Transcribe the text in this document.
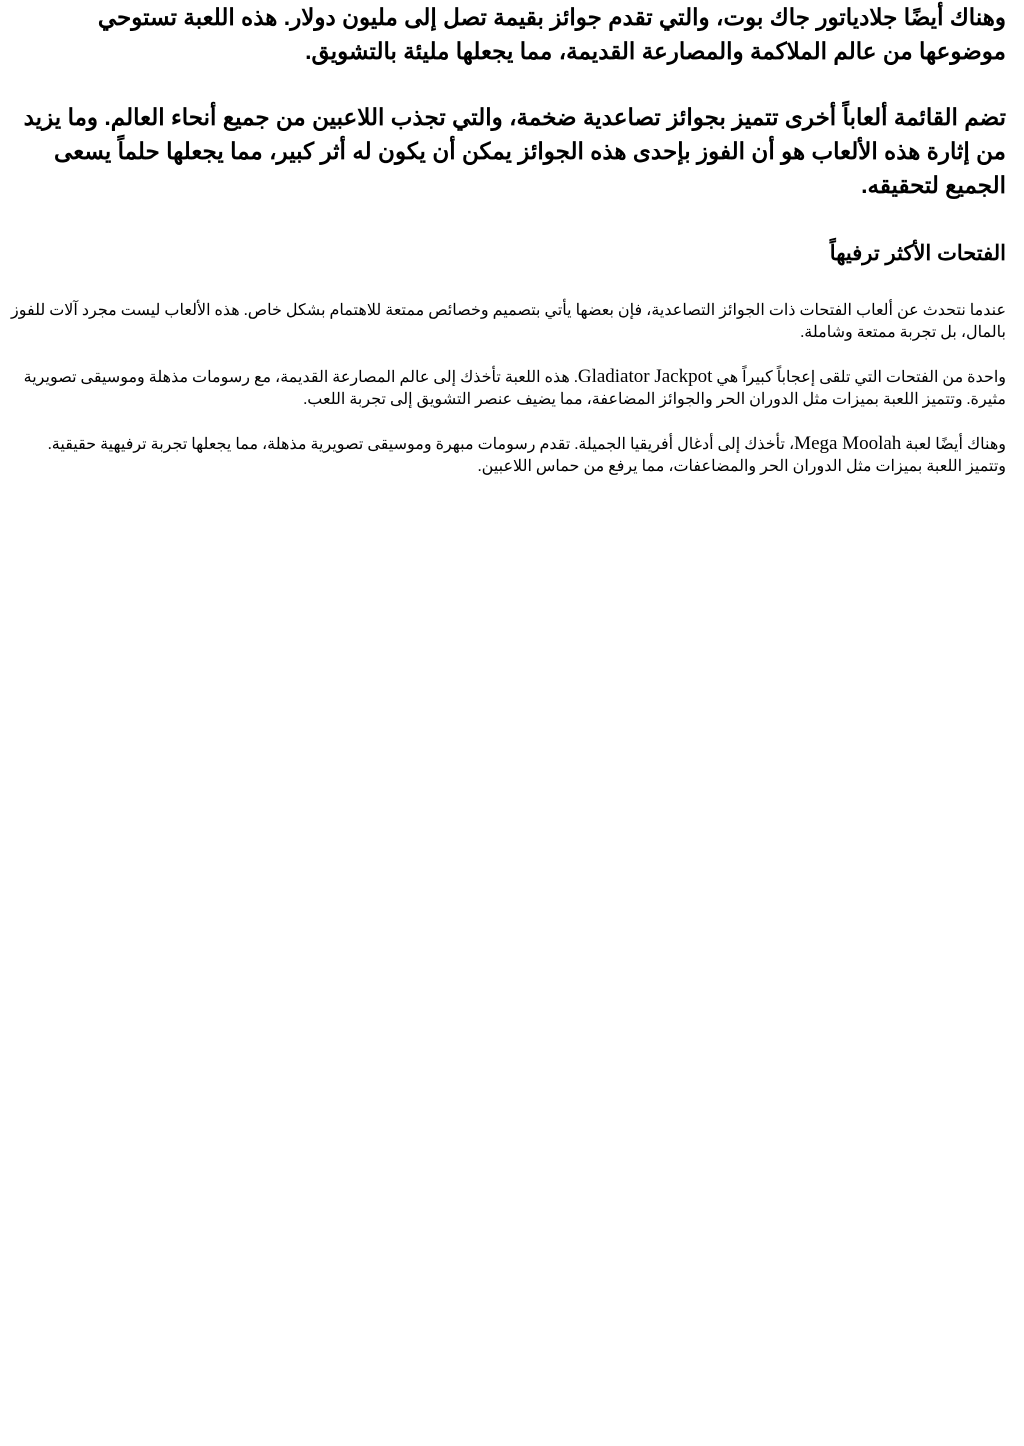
وهناك أيضًا جلادياتور جاك بوت، والتي تقدم جوائز بقيمة تصل إلى مليون دولار. هذه اللعبة تستوحي موضوعها من عالم الملاكمة والمصارعة القديمة، مما يجعلها مليئة بالتشويق.

تضم القائمة ألعاباً أخرى تتميز بجوائز تصاعدية ضخمة، والتي تجذب اللاعبين من جميع أنحاء العالم. وما يزيد من إثارة هذه الألعاب هو أن الفوز بإحدى هذه الجوائز يمكن أن يكون له أثر كبير، مما يجعلها حلماً يسعى الجميع لتحقيقه.

الفتحات الأكثر ترفيهاً

عندما نتحدث عن ألعاب الفتحات ذات الجوائز التصاعدية، فإن بعضها يأتي بتصميم وخصائص ممتعة للاهتمام بشكل خاص. هذه الألعاب ليست مجرد آلات للفوز بالمال، بل تجربة ممتعة وشاملة.

واحدة من الفتحات التي تلقى إعجاباً كبيراً هي Gladiator Jackpot. هذه اللعبة تأخذك إلى عالم المصارعة القديمة، مع رسومات مذهلة وموسيقى تصويرية مثيرة. وتتميز اللعبة بميزات مثل الدوران الحر والجوائز المضاعفة، مما يضيف عنصر التشويق إلى تجربة اللعب.

وهناك أيضًا لعبة Mega Moolah، تأخذك إلى أدغال أفريقيا الجميلة. تقدم رسومات مبهرة وموسيقى تصويرية مذهلة، مما يجعلها تجربة ترفيهية حقيقية. وتتميز اللعبة بميزات مثل الدوران الحر والمضاعفات، مما يرفع من حماس اللاعبين.
